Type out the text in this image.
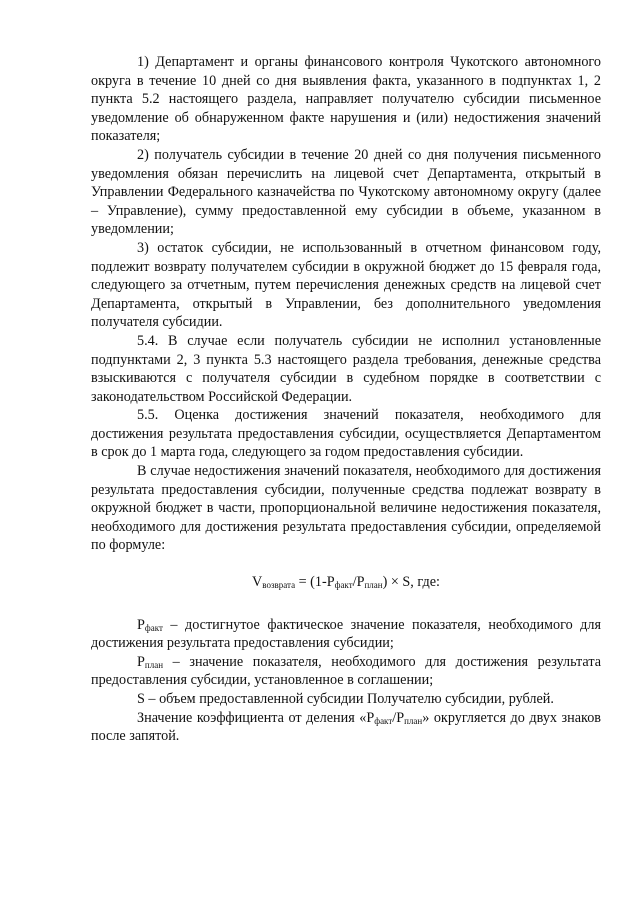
1) Департамент и органы финансового контроля Чукотского автономного округа в течение 10 дней со дня выявления факта, указанного в подпунктах 1, 2 пункта 5.2 настоящего раздела, направляет получателю субсидии письменное уведомление об обнаруженном факте нарушения и (или) недостижения значений показателя;

2) получатель субсидии в течение 20 дней со дня получения письменного уведомления обязан перечислить на лицевой счет Департамента, открытый в Управлении Федерального казначейства по Чукотскому автономному округу (далее – Управление), сумму предоставленной ему субсидии в объеме, указанном в уведомлении;

3) остаток субсидии, не использованный в отчетном финансовом году, подлежит возврату получателем субсидии в окружной бюджет до 15 февраля года, следующего за отчетным, путем перечисления денежных средств на лицевой счет Департамента, открытый в Управлении, без дополнительного уведомления получателя субсидии.

5.4. В случае если получатель субсидии не исполнил установленные подпунктами 2, 3 пункта 5.3 настоящего раздела требования, денежные средства взыскиваются с получателя субсидии в судебном порядке в соответствии с законодательством Российской Федерации.

5.5. Оценка достижения значений показателя, необходимого для достижения результата предоставления субсидии, осуществляется Департаментом в срок до 1 марта года, следующего за годом предоставления субсидии.

В случае недостижения значений показателя, необходимого для достижения результата предоставления субсидии, полученные средства подлежат возврату в окружной бюджет в части, пропорциональной величине недостижения показателя, необходимого для достижения результата предоставления субсидии, определяемой по формуле:

$V_{возврата} = (1-P_{факт}/P_{план}) \times S$, где:

$P_{факт}$ – достигнутое фактическое значение показателя, необходимого для достижения результата предоставления субсидии;

$P_{план}$ – значение показателя, необходимого для достижения результата предоставления субсидии, установленное в соглашении;

S – объем предоставленной субсидии Получателю субсидии, рублей.

Значение коэффициента от деления «$P_{факт}/P_{план}$» округляется до двух знаков после запятой.
